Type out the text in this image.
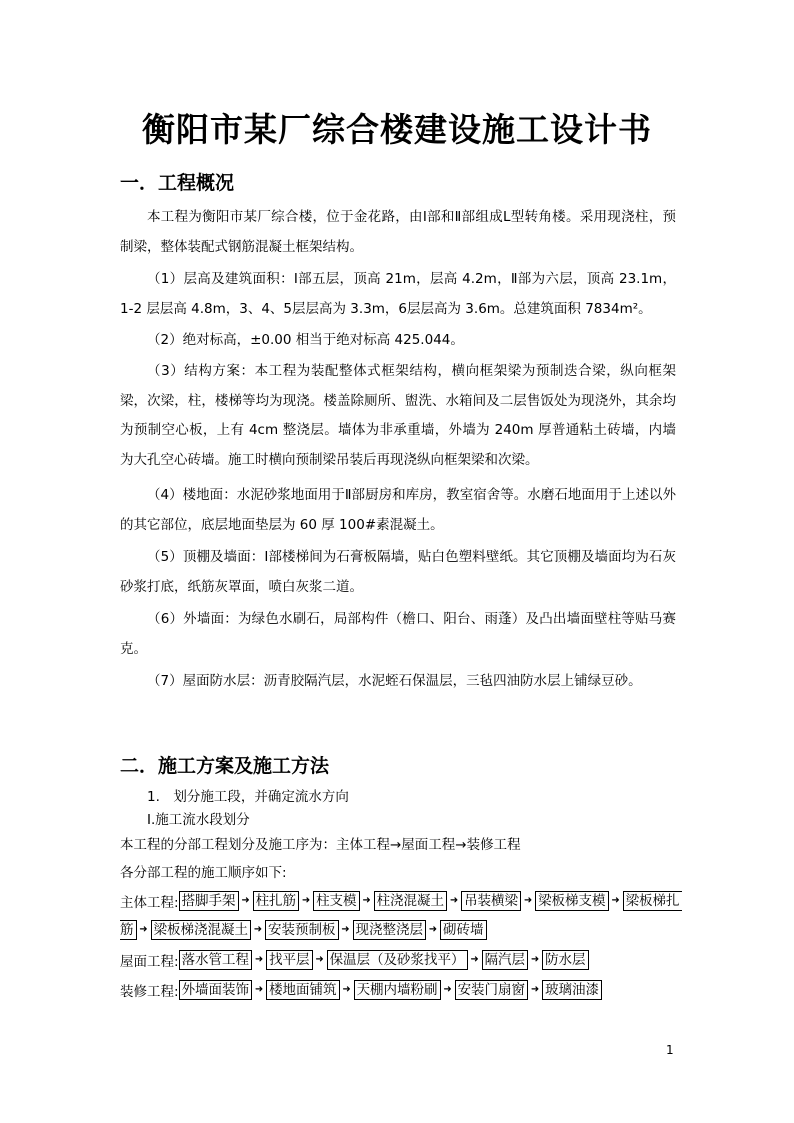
衡阳市某厂综合楼建设施工设计书
一．工程概况

本工程为衡阳市某厂综合楼，位于金花路，由Ⅰ部和Ⅱ部组成L型转角楼。采用现浇柱，预制梁，整体装配式钢筋混凝土框架结构。

（1）层高及建筑面积：Ⅰ部五层，顶高 21m，层高 4.2m，Ⅱ部为六层，顶高 23.1m，1-2 层层高 4.8m，3、4、5层层高为 3.3m，6层层高为 3.6m。总建筑面积 7834m²。

（2）绝对标高，±0.00 相当于绝对标高 425.044。

（3）结构方案：本工程为装配整体式框架结构，横向框架梁为预制迭合梁，纵向框架梁，次梁，柱，楼梯等均为现浇。楼盖除厕所、盥洗、水箱间及二层售饭处为现浇外，其余均为预制空心板，上有 4cm 整浇层。墙体为非承重墙，外墙为 240m 厚普通粘土砖墙，内墙为大孔空心砖墙。施工时横向预制梁吊装后再现浇纵向框架梁和次梁。

（4）楼地面：水泥砂浆地面用于Ⅱ部厨房和库房，教室宿舍等。水磨石地面用于上述以外的其它部位，底层地面垫层为 60 厚 100#素混凝土。

（5）顶棚及墙面：Ⅰ部楼梯间为石膏板隔墙，贴白色塑料壁纸。其它顶棚及墙面均为石灰砂浆打底，纸筋灰罩面，喷白灰浆二道。

（6）外墙面：为绿色水刷石，局部构件（檐口、阳台、雨蓬）及凸出墙面壁柱等贴马赛克。

（7）屋面防水层：沥青胶隔汽层，水泥蛭石保温层，三毡四油防水层上铺绿豆砂。

二．施工方案及施工方法
1.　划分施工段，并确定流水方向
Ⅰ.施工流水段划分
本工程的分部工程划分及施工序为：主体工程→屋面工程→装修工程
各分部工程的施工顺序如下:
主体工程: 搭脚手架 ➜ 柱扎筋 ➜ 柱支模 ➜ 柱浇混凝土 ➜ 吊装横梁 ➜ 梁板梯支模 ➜ 梁板梯扎
筋 ➜ 梁板梯浇混凝土 ➜ 安装预制板 ➜ 现浇整浇层 ➜ 砌砖墙
屋面工程: 落水管工程 ➜ 找平层 ➜ 保温层（及砂浆找平） ➜ 隔汽层 ➜ 防水层
装修工程: 外墙面装饰 ➜ 楼地面铺筑 ➜ 天棚内墙粉刷 ➜ 安装门扇窗 ➜ 玻璃油漆
1
